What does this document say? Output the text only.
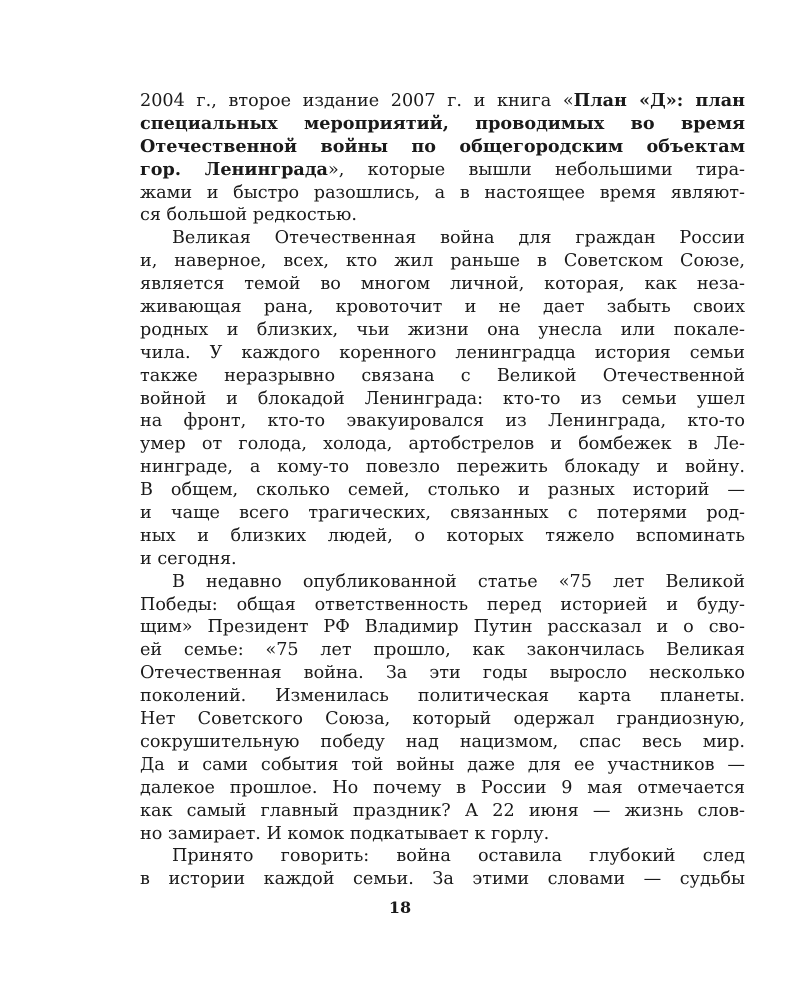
2004 г., второе издание 2007 г. и книга «План «Д»: план
специальных мероприятий, проводимых во время
Отечественной войны по общегородским объектам
гор. Ленинграда», которые вышли небольшими тира-
жами и быстро разошлись, а в настоящее время являют-
ся большой редкостью.
Великая Отечественная война для граждан России
и, наверное, всех, кто жил раньше в Советском Союзе,
является темой во многом личной, которая, как неза-
живающая рана, кровоточит и не дает забыть своих
родных и близких, чьи жизни она унесла или покале-
чила. У каждого коренного ленинградца история семьи
также неразрывно связана с Великой Отечественной
войной и блокадой Ленинграда: кто-то из семьи ушел
на фронт, кто-то эвакуировался из Ленинграда, кто-то
умер от голода, холода, артобстрелов и бомбежек в Ле-
нинграде, а кому-то повезло пережить блокаду и войну.
В общем, сколько семей, столько и разных историй —
и чаще всего трагических, связанных с потерями род-
ных и близких людей, о которых тяжело вспоминать
и сегодня.
В недавно опубликованной статье «75 лет Великой
Победы: общая ответственность перед историей и буду-
щим» Президент РФ Владимир Путин рассказал и о сво-
ей семье: «75 лет прошло, как закончилась Великая
Отечественная война. За эти годы выросло несколько
поколений. Изменилась политическая карта планеты.
Нет Советского Союза, который одержал грандиозную,
сокрушительную победу над нацизмом, спас весь мир.
Да и сами события той войны даже для ее участников —
далекое прошлое. Но почему в России 9 мая отмечается
как самый главный праздник? А 22 июня — жизнь слов-
но замирает. И комок подкатывает к горлу.
Принято говорить: война оставила глубокий след
в истории каждой семьи. За этими словами — судьбы
18
